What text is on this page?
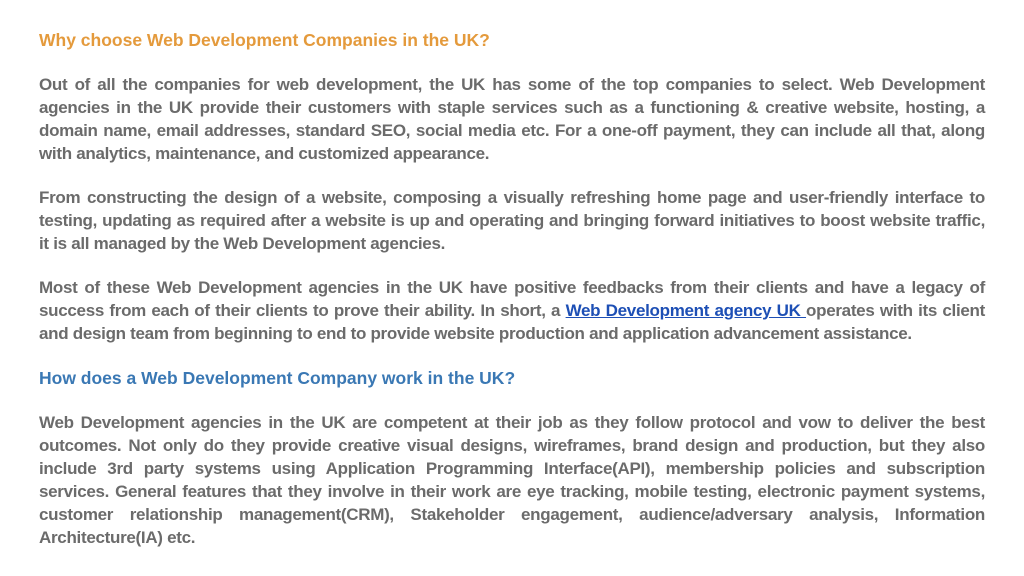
Why choose Web Development Companies in the UK?

Out of all the companies for web development, the UK has some of the top companies to select. Web Development agencies in the UK provide their customers with staple services such as a functioning & creative website, hosting, a domain name, email addresses, standard SEO, social media etc. For a one-off payment, they can include all that, along with analytics, maintenance, and customized appearance.

From constructing the design of a website, composing a visually refreshing home page and user-friendly interface to testing, updating as required after a website is up and operating and bringing forward initiatives to boost website traffic, it is all managed by the Web Development agencies.

Most of these Web Development agencies in the UK have positive feedbacks from their clients and have a legacy of success from each of their clients to prove their ability. In short, a Web Development agency UK operates with its client and design team from beginning to end to provide website production and application advancement assistance.

How does a Web Development Company work in the UK?

Web Development agencies in the UK are competent at their job as they follow protocol and vow to deliver the best outcomes. Not only do they provide creative visual designs, wireframes, brand design and production, but they also include 3rd party systems using Application Programming Interface(API), membership policies and subscription services. General features that they involve in their work are eye tracking, mobile testing, electronic payment systems, customer relationship management(CRM), Stakeholder engagement, audience/adversary analysis, Information Architecture(IA) etc.
